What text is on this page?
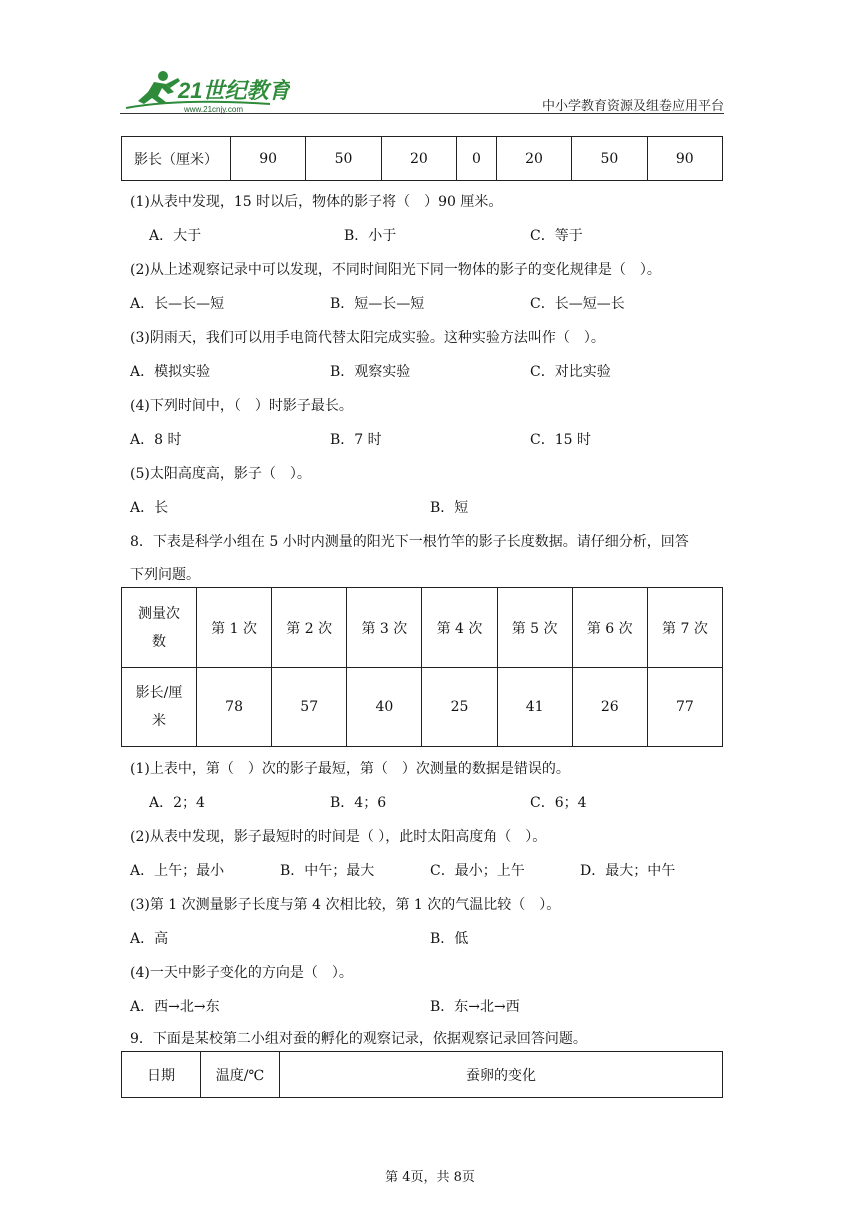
21世纪教育
www.21cnjy.com	中小学教育资源及组卷应用平台
影长（厘米）	90	50	20	0	20	50	90
(1)从表中发现，15 时以后，物体的影子将（　）90 厘米。
A．大于	B．小于	C．等于
(2)从上述观察记录中可以发现，不同时间阳光下同一物体的影子的变化规律是（　）。
A．长—长—短	B．短—长—短	C．长—短—长
(3)阴雨天，我们可以用手电筒代替太阳完成实验。这种实验方法叫作（　）。
A．模拟实验	B．观察实验	C．对比实验
(4)下列时间中，（　）时影子最长。
A．8 时	B．7 时	C．15 时
(5)太阳高度高，影子（　）。
A．长	B．短
8．下表是科学小组在 5 小时内测量的阳光下一根竹竿的影子长度数据。请仔细分析，回答
下列问题。
测量次
数	第 1 次	第 2 次	第 3 次	第 4 次	第 5 次	第 6 次	第 7 次

影长/厘
米	78	57	40	25	41	26	77
(1)上表中，第（　）次的影子最短，第（　）次测量的数据是错误的。
A．2；4	B．4；6	C．6；4
(2)从表中发现，影子最短时的时间是（ ），此时太阳高度角（　）。
A．上午；最小	B．中午；最大	C．最小；上午	D．最大；中午
(3)第 1 次测量影子长度与第 4 次相比较，第 1 次的气温比较（　）。
A．高	B．低
(4)一天中影子变化的方向是（　）。
A．西→北→东	B．东→北→西
9．下面是某校第二小组对蚕的孵化的观察记录，依据观察记录回答问题。
日期	温度/℃	蚕卵的变化
第 4页，共 8页
